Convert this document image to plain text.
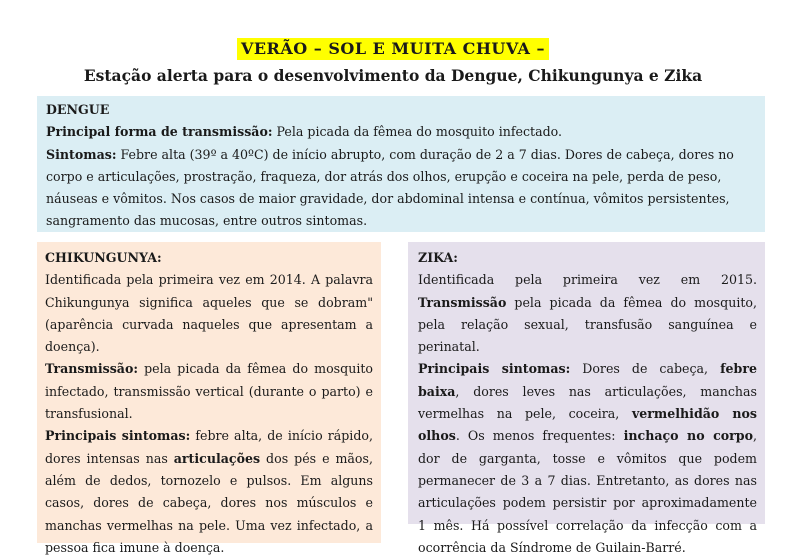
VERÃO – SOL E MUITA CHUVA –
Estação alerta para o desenvolvimento da Dengue, Chikungunya e Zika

DENGUE

Principal forma de transmissão: Pela picada da fêmea do mosquito infectado.

Sintomas: Febre alta (39º a 40ºC) de início abrupto, com duração de 2 a 7 dias. Dores de cabeça, dores no corpo e articulações, prostração, fraqueza, dor atrás dos olhos, erupção e coceira na pele, perda de peso, náuseas e vômitos. Nos casos de maior gravidade, dor abdominal intensa e contínua, vômitos persistentes, sangramento das mucosas, entre outros sintomas.

CHIKUNGUNYA:

Identificada pela primeira vez em 2014. A palavra Chikungunya significa aqueles que se dobram" (aparência curvada naqueles que apresentam a doença).

Transmissão: pela picada da fêmea do mosquito infectado, transmissão vertical (durante o parto) e transfusional.

Principais sintomas: febre alta, de início rápido, dores intensas nas articulações dos pés e mãos, além de dedos, tornozelo e pulsos. Em alguns casos, dores de cabeça, dores nos músculos e manchas vermelhas na pele. Uma vez infectado, a pessoa fica imune à doença.

ZIKA:

Identificada pela primeira vez em 2015. Transmissão pela picada da fêmea do mosquito, pela relação sexual, transfusão sanguínea e perinatal.

Principais sintomas: Dores de cabeça, febre baixa, dores leves nas articulações, manchas vermelhas na pele, coceira, vermelhidão nos olhos. Os menos frequentes: inchaço no corpo, dor de garganta, tosse e vômitos que podem permanecer de 3 a 7 dias. Entretanto, as dores nas articulações podem persistir por aproximadamente 1 mês. Há possível correlação da infecção com a ocorrência da Síndrome de Guilain-Barré.
